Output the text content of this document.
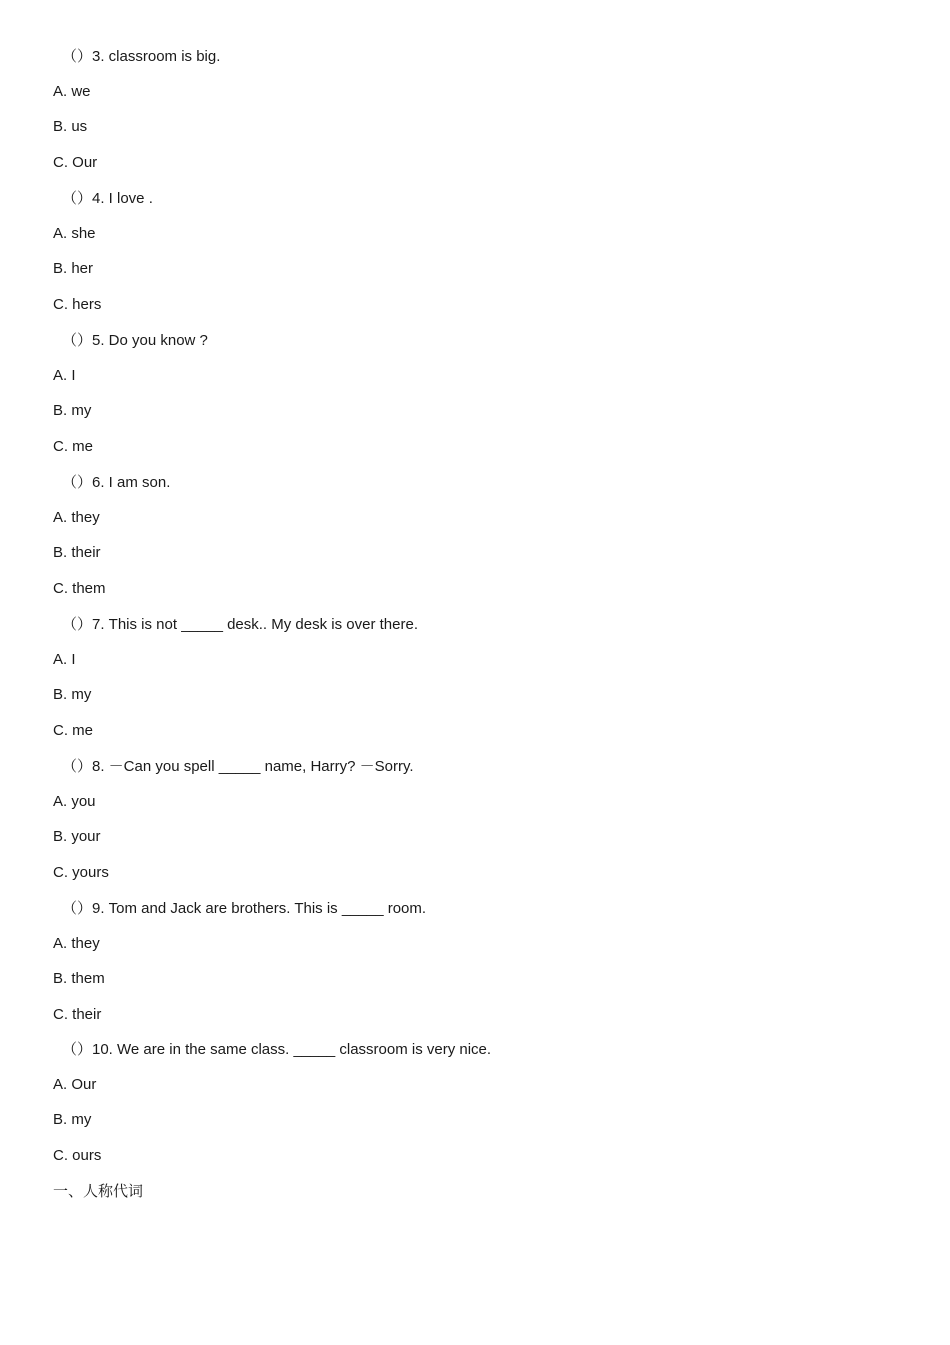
（）3. classroom is big.
A. we
B. us
C. Our
（）4. I love .
A. she
B. her
C. hers
（）5. Do you know ?
A. I
B. my
C. me
（）6. I am son.
A. they
B. their
C. them
（）7. This is not _____ desk.. My desk is over there.
A. I
B. my
C. me
（）8. －Can you spell _____ name, Harry? －Sorry.
A. you
B. your
C. yours
（）9. Tom and Jack are brothers. This is _____ room.
A. they
B. them
C. their
（）10. We are in the same class. _____ classroom is very nice.
A. Our
B. my
C. ours
一、人称代词
